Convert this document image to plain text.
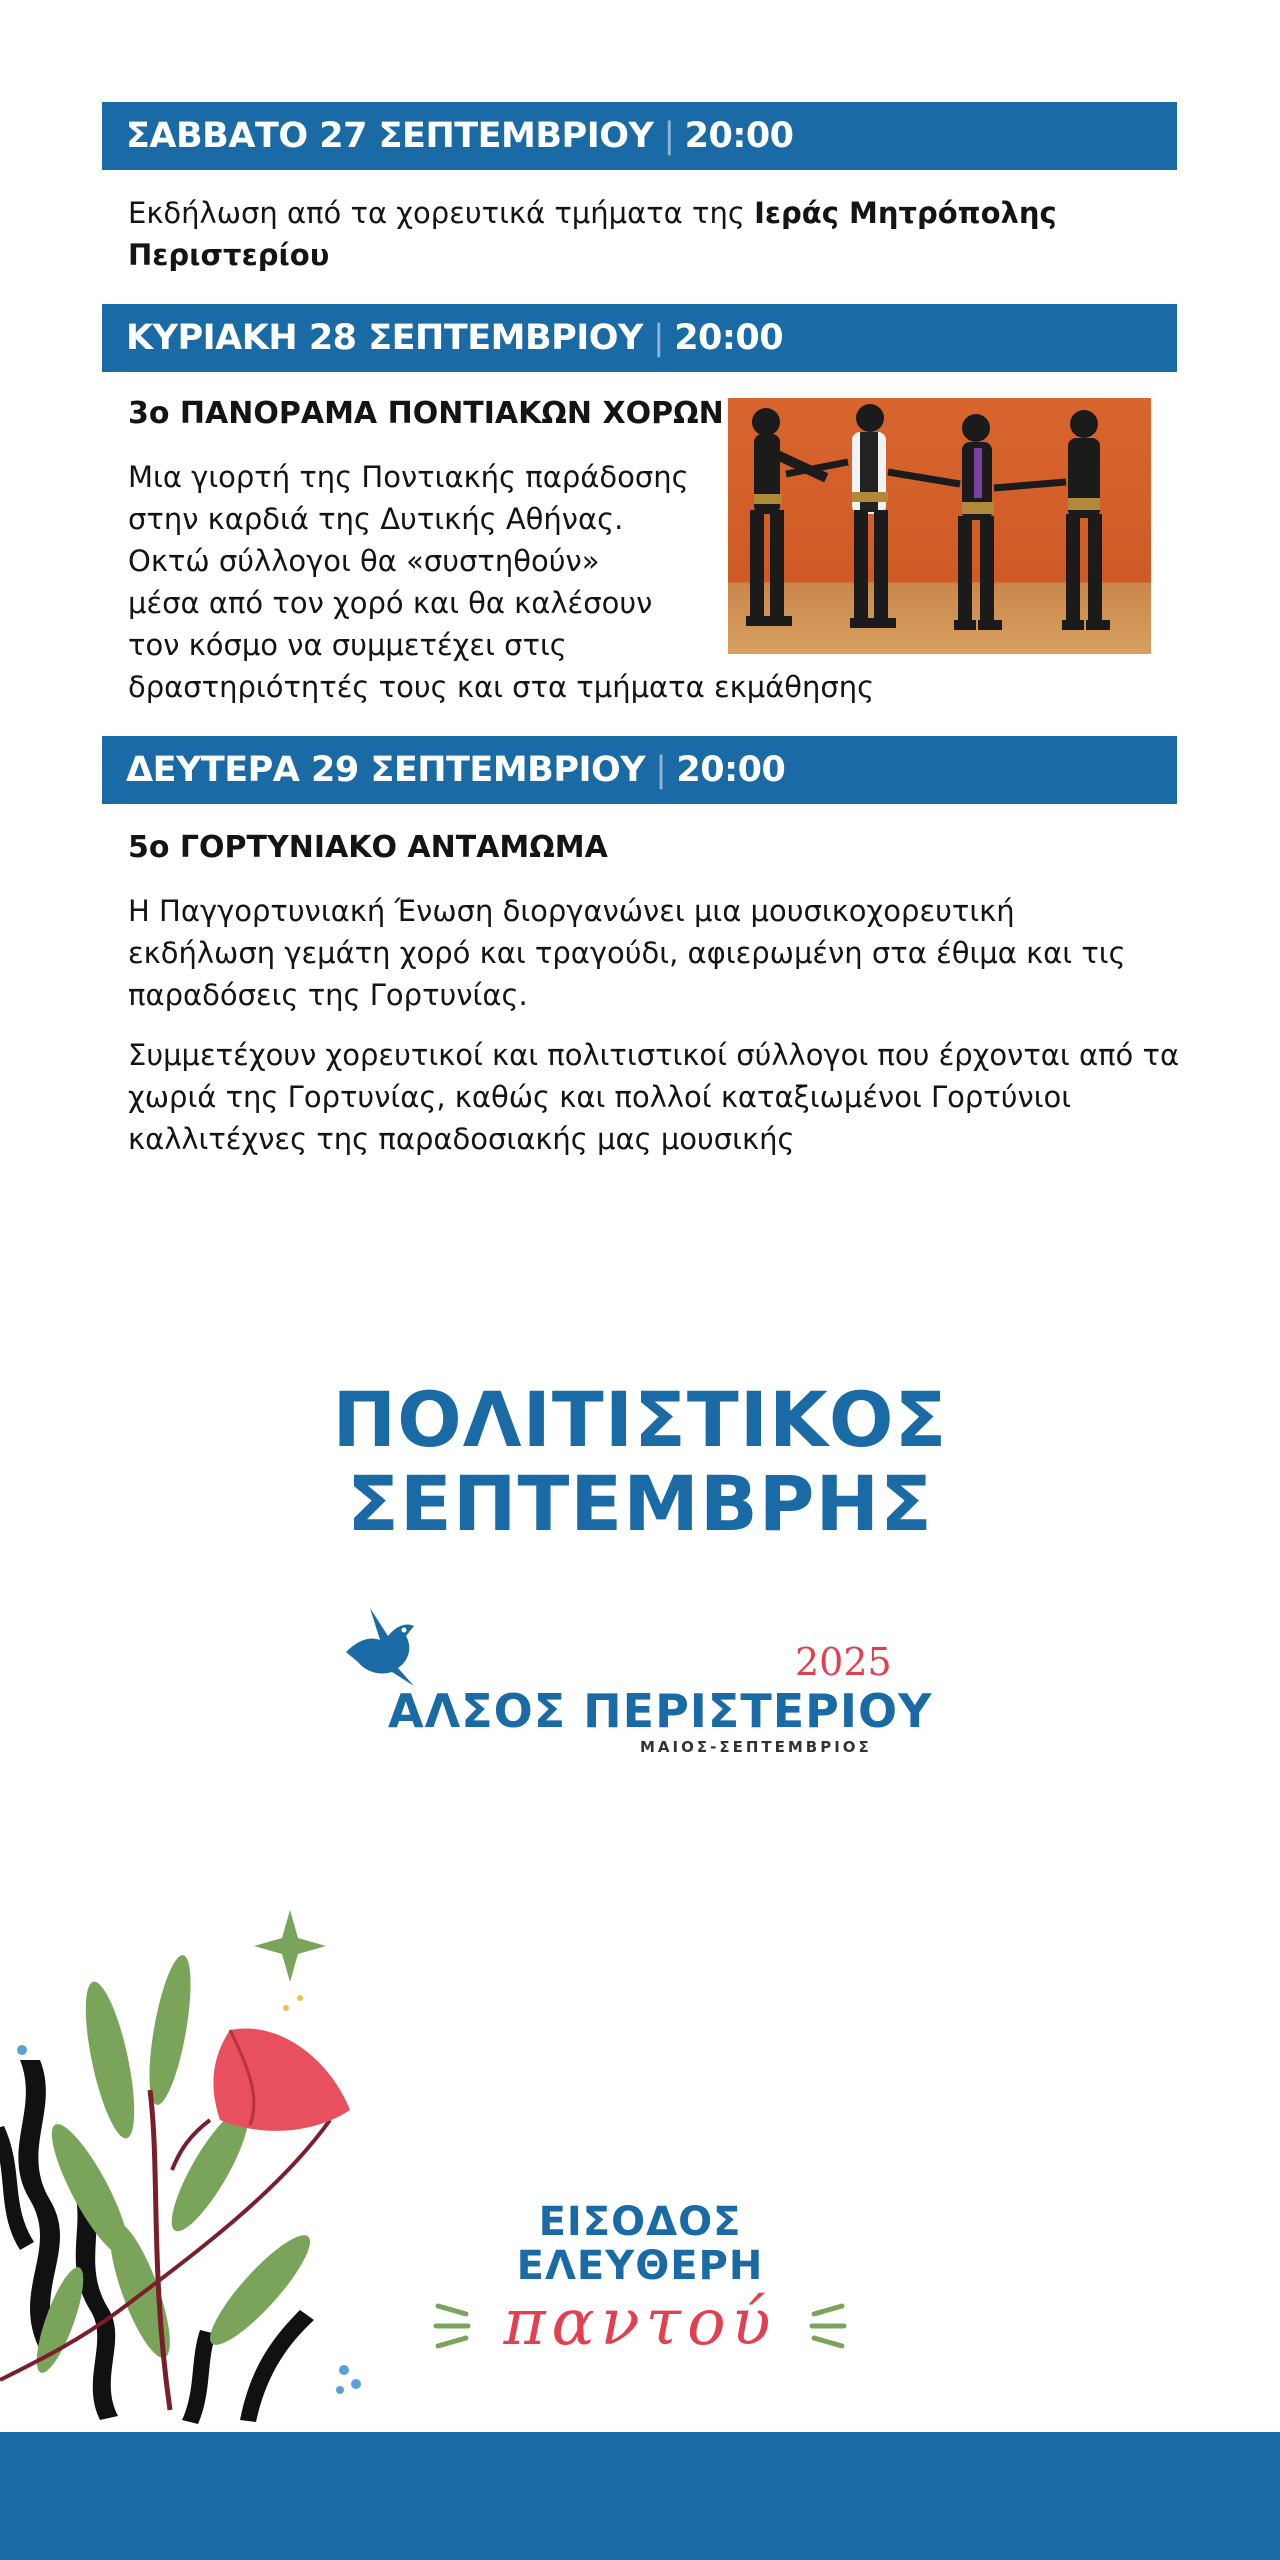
ΣΑΒΒΑΤΟ 27 ΣΕΠΤΕΜΒΡΙΟΥ | 20:00
Εκδήλωση από τα χορευτικά τμήματα της Ιεράς Μητρόπολης
Περιστερίου
ΚΥΡΙΑΚΗ 28 ΣΕΠΤΕΜΒΡΙΟΥ | 20:00
3ο ΠΑΝΟΡΑΜΑ ΠΟΝΤΙΑΚΩΝ ΧΟΡΩΝ
Μια γιορτή της Ποντιακής παράδοσης
στην καρδιά της Δυτικής Αθήνας.
Οκτώ σύλλογοι θα «συστηθούν»
μέσα από τον χορό και θα καλέσουν
τον κόσμο να συμμετέχει στις
δραστηριότητές τους και στα τμήματα εκμάθησης
ΔΕΥΤΕΡΑ 29 ΣΕΠΤΕΜΒΡΙΟΥ | 20:00
5ο ΓΟΡΤΥΝΙΑΚΟ ΑΝΤΑΜΩΜΑ
Η Παγγορτυνιακή Ένωση διοργανώνει μια μουσικοχορευτική
εκδήλωση γεμάτη χορό και τραγούδι, αφιερωμένη στα έθιμα και τις
παραδόσεις της Γορτυνίας.
Συμμετέχουν χορευτικοί και πολιτιστικοί σύλλογοι που έρχονται από τα
χωριά της Γορτυνίας, καθώς και πολλοί καταξιωμένοι Γορτύνιοι
καλλιτέχνες της παραδοσιακής μας μουσικής
ΠΟΛΙΤΙΣΤΙΚΟΣ
ΣΕΠΤΕΜΒΡΗΣ
2025
ΑΛΣΟΣ ΠΕΡΙΣΤΕΡΙΟΥ
ΜΑΙΟΣ-ΣΕΠΤΕΜΒΡΙΟΣ
ΕΙΣΟΔΟΣ
ΕΛΕΥΘΕΡΗ
παντού
